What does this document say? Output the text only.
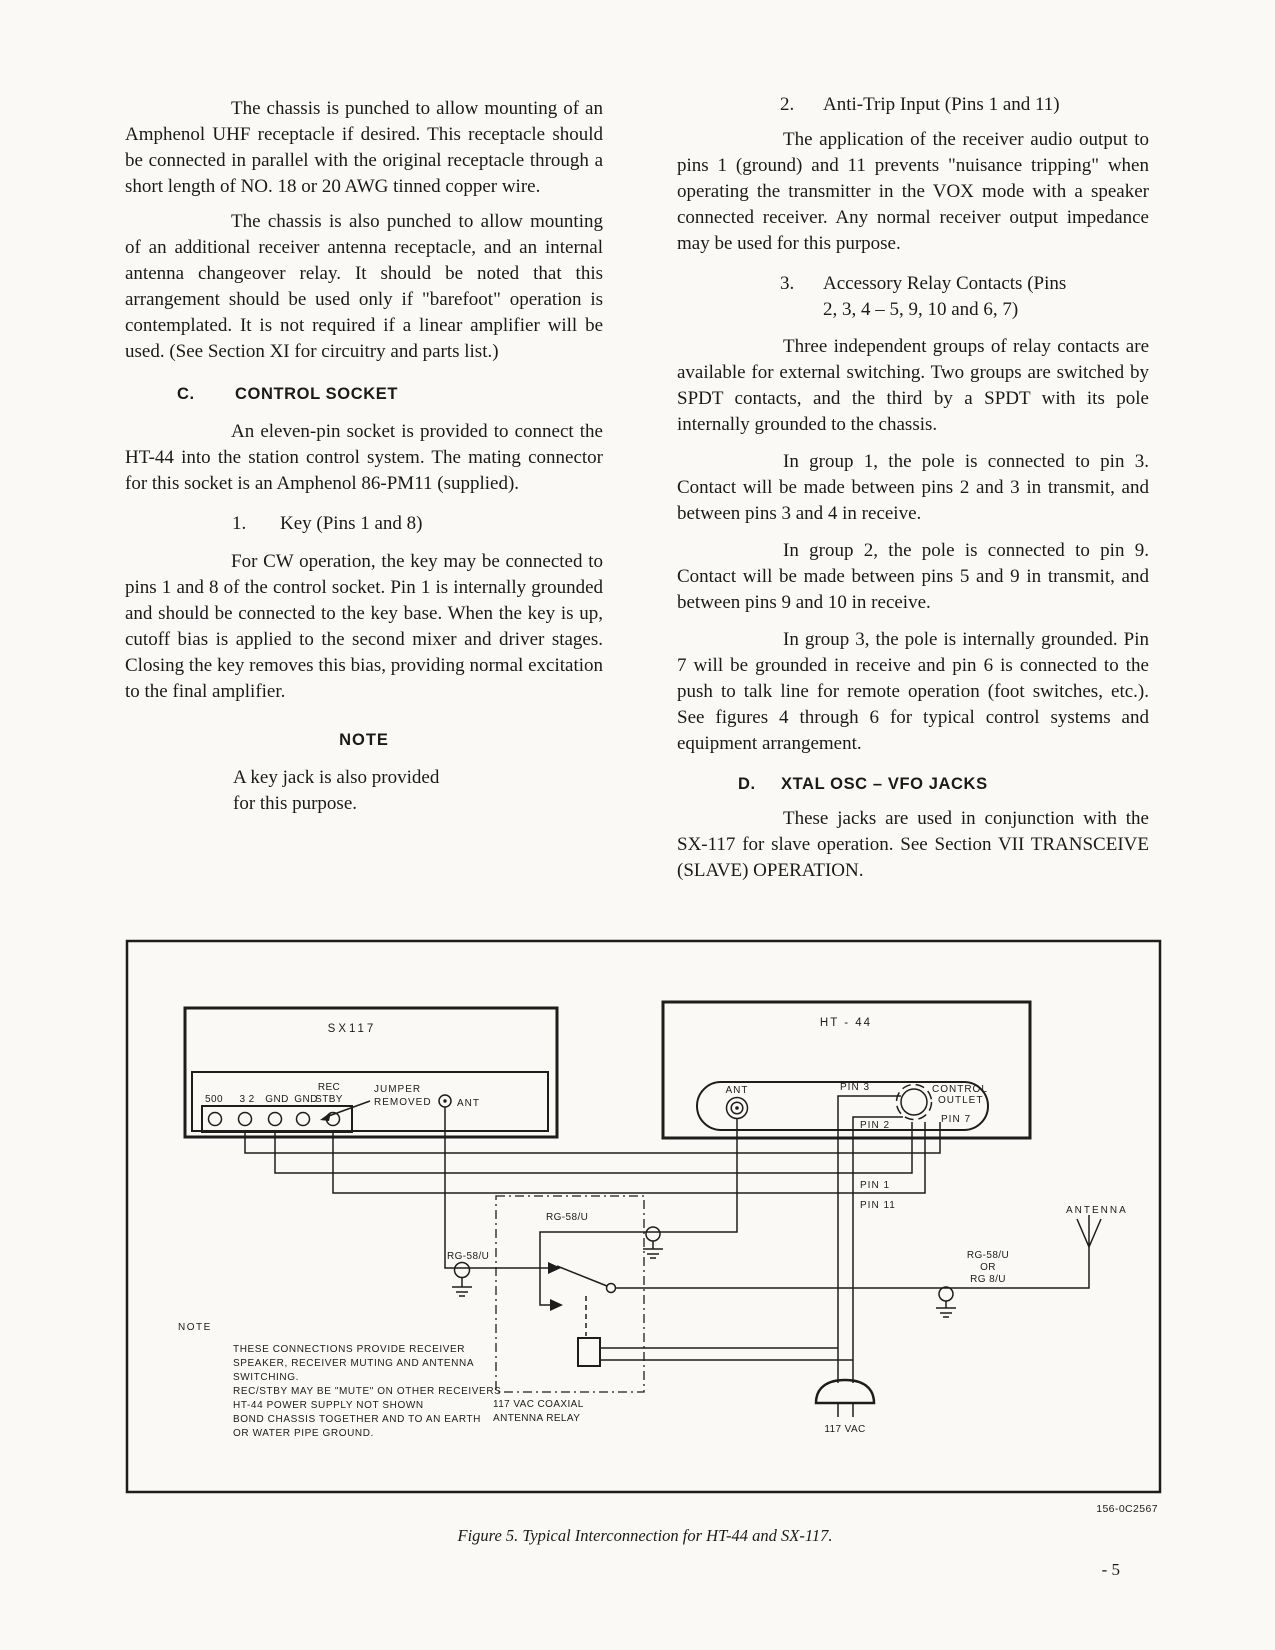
The chassis is punched to allow mounting of an Amphenol UHF receptacle if desired. This receptacle should be connected in parallel with the original receptacle through a short length of NO. 18 or 20 AWG tinned copper wire.

The chassis is also punched to allow mounting of an additional receiver antenna receptacle, and an internal antenna changeover relay. It should be noted that this arrangement should be used only if "barefoot" operation is contemplated. It is not required if a linear amplifier will be used. (See Section XI for circuitry and parts list.)

C.	CONTROL SOCKET

An eleven-pin socket is provided to connect the HT-44 into the station control system. The mating connector for this socket is an Amphenol 86-PM11 (supplied).

1.	Key (Pins 1 and 8)

For CW operation, the key may be connected to pins 1 and 8 of the control socket. Pin 1 is internally grounded and should be connected to the key base. When the key is up, cutoff bias is applied to the second mixer and driver stages. Closing the key removes this bias, providing normal excitation to the final amplifier.

NOTE
A key jack is also provided
for this purpose.
2.	Anti-Trip Input (Pins 1 and 11)

The application of the receiver audio output to pins 1 (ground) and 11 prevents "nuisance tripping" when operating the transmitter in the VOX mode with a speaker connected receiver. Any normal receiver output impedance may be used for this purpose.

3.	Accessory Relay Contacts (Pins
2, 3, 4 – 5, 9, 10 and 6, 7)

Three independent groups of relay contacts are available for external switching. Two groups are switched by SPDT contacts, and the third by a SPDT with its pole internally grounded to the chassis.

In group 1, the pole is connected to pin 3. Contact will be made between pins 2 and 3 in transmit, and between pins 3 and 4 in receive.

In group 2, the pole is connected to pin 9. Contact will be made between pins 5 and 9 in transmit, and between pins 9 and 10 in receive.

In group 3, the pole is internally grounded. Pin 7 will be grounded in receive and pin 6 is connected to the push to talk line for remote operation (foot switches, etc.). See figures 4 through 6 for typical control systems and equipment arrangement.

D.	XTAL OSC – VFO JACKS

These jacks are used in conjunction with the SX-117 for slave operation. See Section VII TRANSCEIVE (SLAVE) OPERATION.

SX117
500 3 2 GND GND
REC
STBY
JUMPER
REMOVED	ANT
HT - 44
ANT	CONTROL
OUTLET
PIN 3
PIN 2
PIN 7
PIN 1
PIN 11
RG-58/U
RG-58/U
117 VAC COAXIAL
ANTENNA RELAY
117 VAC
RG-58/U
OR
RG 8/U
ANTENNA
NOTE
THESE CONNECTIONS PROVIDE RECEIVER
SPEAKER, RECEIVER MUTING AND ANTENNA
SWITCHING.
REC/STBY MAY BE "MUTE" ON OTHER RECEIVERS
HT-44 POWER SUPPLY NOT SHOWN
BOND CHASSIS TOGETHER AND TO AN EARTH
OR WATER PIPE GROUND.
156-0C2567
Figure 5. Typical Interconnection for HT-44 and SX-117.
- 5
